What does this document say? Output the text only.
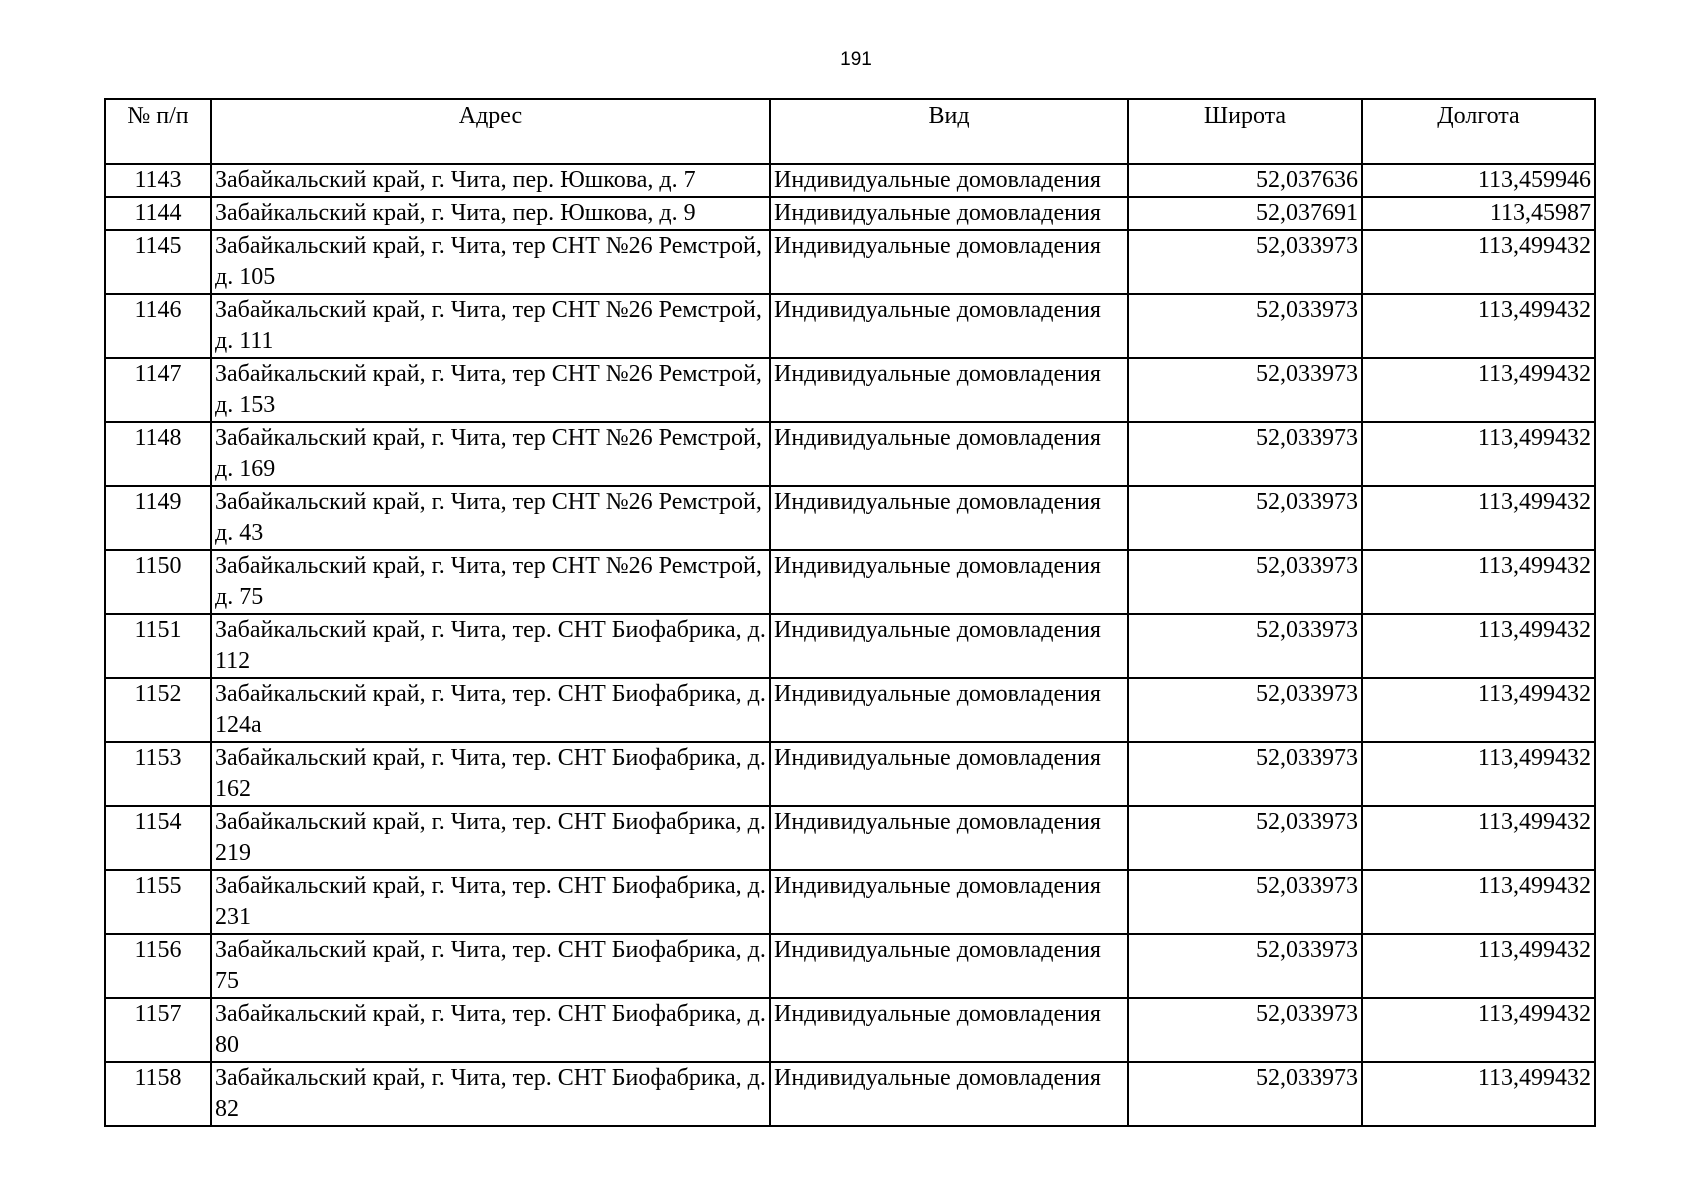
191
№ п/п	Адрес	Вид	Широта	Долгота
1143	Забайкальский край, г. Чита, пер. Юшкова, д. 7	Индивидуальные домовладения	52,037636	113,459946
1144	Забайкальский край, г. Чита, пер. Юшкова, д. 9	Индивидуальные домовладения	52,037691	113,45987
1145	Забайкальский край, г. Чита, тер СНТ №26 Ремстрой, д. 105	Индивидуальные домовладения	52,033973	113,499432
1146	Забайкальский край, г. Чита, тер СНТ №26 Ремстрой, д. 111	Индивидуальные домовладения	52,033973	113,499432
1147	Забайкальский край, г. Чита, тер СНТ №26 Ремстрой, д. 153	Индивидуальные домовладения	52,033973	113,499432
1148	Забайкальский край, г. Чита, тер СНТ №26 Ремстрой, д. 169	Индивидуальные домовладения	52,033973	113,499432
1149	Забайкальский край, г. Чита, тер СНТ №26 Ремстрой, д. 43	Индивидуальные домовладения	52,033973	113,499432
1150	Забайкальский край, г. Чита, тер СНТ №26 Ремстрой, д. 75	Индивидуальные домовладения	52,033973	113,499432
1151	Забайкальский край, г. Чита, тер. СНТ Биофабрика, д. 112	Индивидуальные домовладения	52,033973	113,499432
1152	Забайкальский край, г. Чита, тер. СНТ Биофабрика, д. 124а	Индивидуальные домовладения	52,033973	113,499432
1153	Забайкальский край, г. Чита, тер. СНТ Биофабрика, д. 162	Индивидуальные домовладения	52,033973	113,499432
1154	Забайкальский край, г. Чита, тер. СНТ Биофабрика, д. 219	Индивидуальные домовладения	52,033973	113,499432
1155	Забайкальский край, г. Чита, тер. СНТ Биофабрика, д. 231	Индивидуальные домовладения	52,033973	113,499432
1156	Забайкальский край, г. Чита, тер. СНТ Биофабрика, д. 75	Индивидуальные домовладения	52,033973	113,499432
1157	Забайкальский край, г. Чита, тер. СНТ Биофабрика, д. 80	Индивидуальные домовладения	52,033973	113,499432
1158	Забайкальский край, г. Чита, тер. СНТ Биофабрика, д. 82	Индивидуальные домовладения	52,033973	113,499432
